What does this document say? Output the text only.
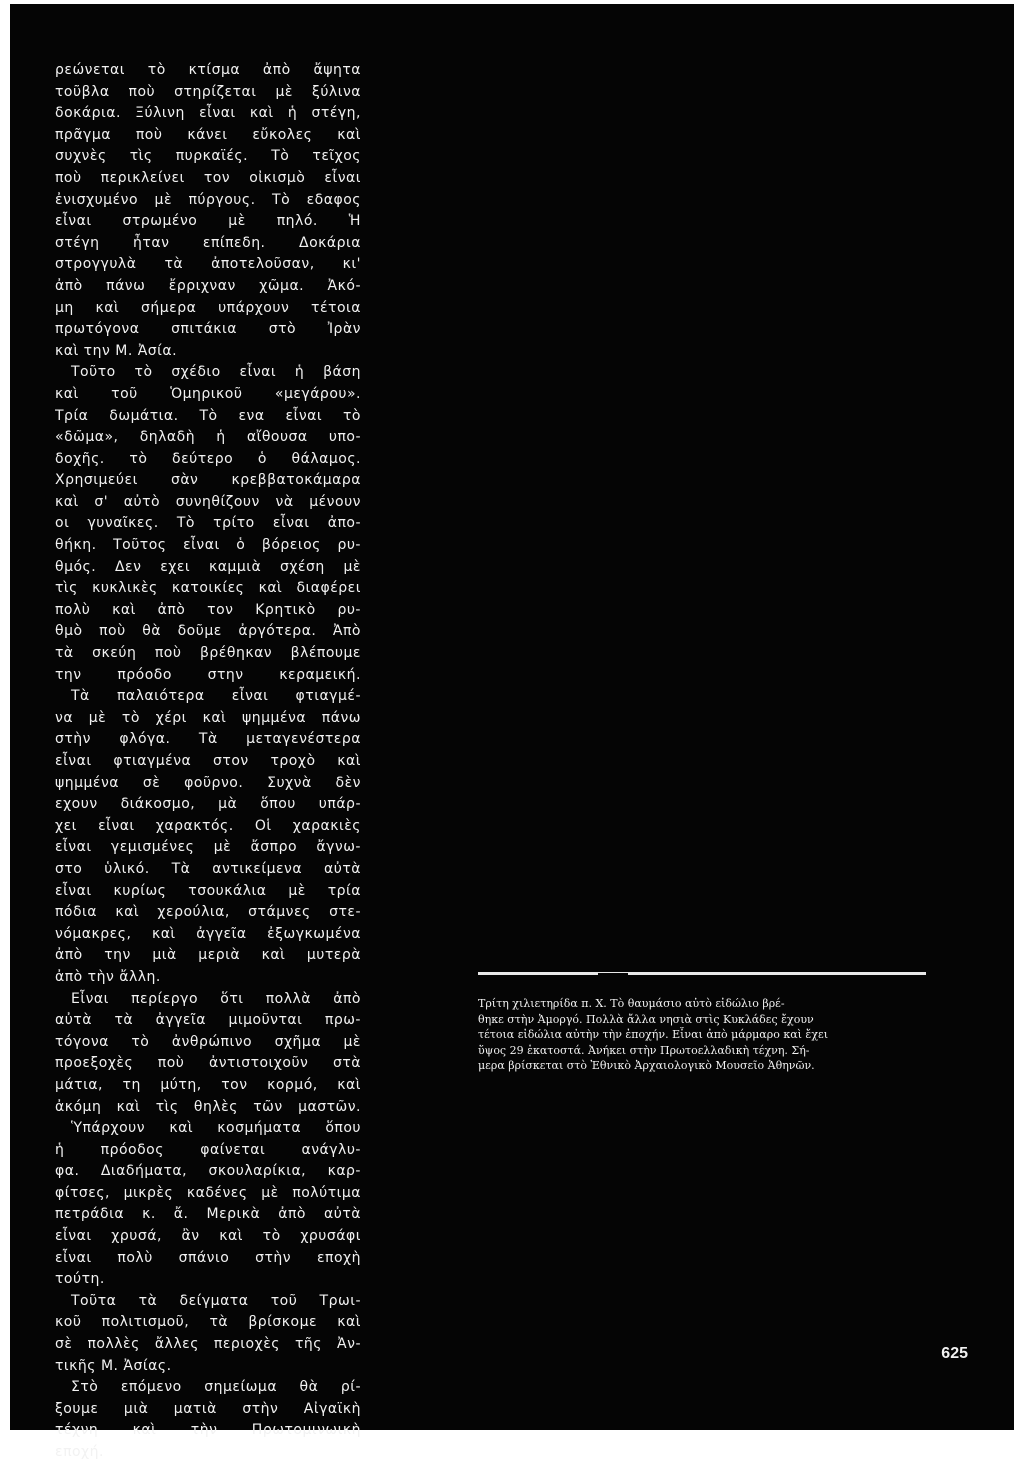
ρεώνεται τὸ κτίσμα ἀπὸ ἄψητα
τοῦβλα ποὺ στηρίζεται μὲ ξύλινα
δοκάρια. Ξύλινη εἶναι καὶ ἡ στέγη,
πρᾶγμα ποὺ κάνει εὔκολες καὶ
συχνὲς τὶς πυρκαϊές. Τὸ τεῖχος
ποὺ περικλείνει τον οἰκισμὸ εἶναι
ἐνισχυμένο μὲ πύργους. Τὸ εδαφος
εἶναι στρωμένο μὲ πηλό. Ἡ
στέγη ἦταν επίπεδη. Δοκάρια
στρογγυλὰ τὰ ἀποτελοῦσαν, κι'
ἀπὸ πάνω ἔρριχναν χῶμα. Ἀκό-
μη καὶ σήμερα υπάρχουν τέτοια
πρωτόγονα σπιτάκια στὸ Ἰρὰν
καὶ την Μ. Ἀσία.
Τοῦτο τὸ σχέδιο εἶναι ἡ βάση
καὶ τοῦ Ὁμηρικοῦ «μεγάρου».
Τρία δωμάτια. Τὸ ενα εἶναι τὸ
«δῶμα», δηλαδὴ ἡ αἴθουσα υπο-
δοχῆς. τὸ δεύτερο ὁ θάλαμος.
Χρησιμεύει σὰν κρεββατοκάμαρα
καὶ σ' αὐτὸ συνηθίζουν νὰ μένουν
οι γυναῖκες. Τὸ τρίτο εἶναι ἀπο-
θήκη. Τοῦτος εἶναι ὁ βόρειος ρυ-
θμός. Δεν εχει καμμιὰ σχέση μὲ
τὶς κυκλικὲς κατοικίες καὶ διαφέρει
πολὺ καὶ ἀπὸ τον Κρητικὸ ρυ-
θμὸ ποὺ θὰ δοῦμε ἀργότερα. Ἀπὸ
τὰ σκεύη ποὺ βρέθηκαν βλέπουμε
την πρόοδο στην κεραμεική.
Τὰ παλαιότερα εἶναι φτιαγμέ-
να μὲ τὸ χέρι καὶ ψημμένα πάνω
στὴν φλόγα. Τὰ μεταγενέστερα
εἶναι φτιαγμένα στον τροχὸ καὶ
ψημμένα σὲ φοῦρνο. Συχνὰ δὲν
εχουν διάκοσμο, μὰ ὅπου υπάρ-
χει εἶναι χαρακτός. Οἱ χαρακιὲς
εἶναι γεμισμένες μὲ ἄσπρο ἄγνω-
στο ὑλικό. Τὰ αντικείμενα αὐτὰ
εἶναι κυρίως τσουκάλια μὲ τρία
πόδια καὶ χερούλια, στάμνες στε-
νόμακρες, καὶ ἀγγεῖα ἐξωγκωμένα
ἀπὸ την μιὰ μεριὰ καὶ μυτερὰ
ἀπὸ τὴν ἄλλη.
Εἶναι περίεργο ὅτι πολλὰ ἀπὸ
αὐτὰ τὰ ἀγγεῖα μιμοῦνται πρω-
τόγονα τὸ ἀνθρώπινο σχῆμα μὲ
προεξοχὲς ποὺ ἀντιστοιχοῦν στὰ
μάτια, τη μύτη, τον κορμό, καὶ
ἀκόμη καὶ τὶς θηλὲς τῶν μαστῶν.
Ὑπάρχουν καὶ κοσμήματα ὅπου
ἡ πρόοδος φαίνεται ανάγλυ-
φα. Διαδήματα, σκουλαρίκια, καρ-
φίτσες, μικρὲς καδένες μὲ πολύτιμα
πετράδια κ. ἄ. Μερικὰ ἀπὸ αὐτὰ
εἶναι χρυσά, ἂν καὶ τὸ χρυσάφι
εἶναι πολὺ σπάνιο στὴν εποχὴ
τούτη.
Τοῦτα τὰ δείγματα τοῦ Τρωι-
κοῦ πολιτισμοῦ, τὰ βρίσκομε καὶ
σὲ πολλὲς ἄλλες περιοχὲς τῆς Ἀν-
τικῆς Μ. Ἀσίας.
Στὸ επόμενο σημείωμα θὰ ρί-
ξουμε μιὰ ματιὰ στὴν Αἰγαϊκὴ
τέχνη καὶ τὴν Πρωτομινωικὴ
εποχή.
Τρίτη χιλιετηρίδα π. Χ. Τὸ θαυμάσιο αὐτὸ εἰδώλιο βρέ-
θηκε στὴν Ἀμοργό. Πολλὰ ἄλλα νησιὰ στὶς Κυκλάδες ἔχουν
τέτοια εἰδώλια αὐτὴν τὴν ἐποχήν. Εἶναι ἀπὸ μάρμαρο καὶ ἔχει
ὕψος 29 ἑκατοστά. Ἀνήκει στὴν Πρωτοελλαδικὴ τέχνη. Σή-
μερα βρίσκεται στὸ Ἐθνικὸ Ἀρχαιολογικὸ Μουσεῖο Ἀθηνῶν.
625
